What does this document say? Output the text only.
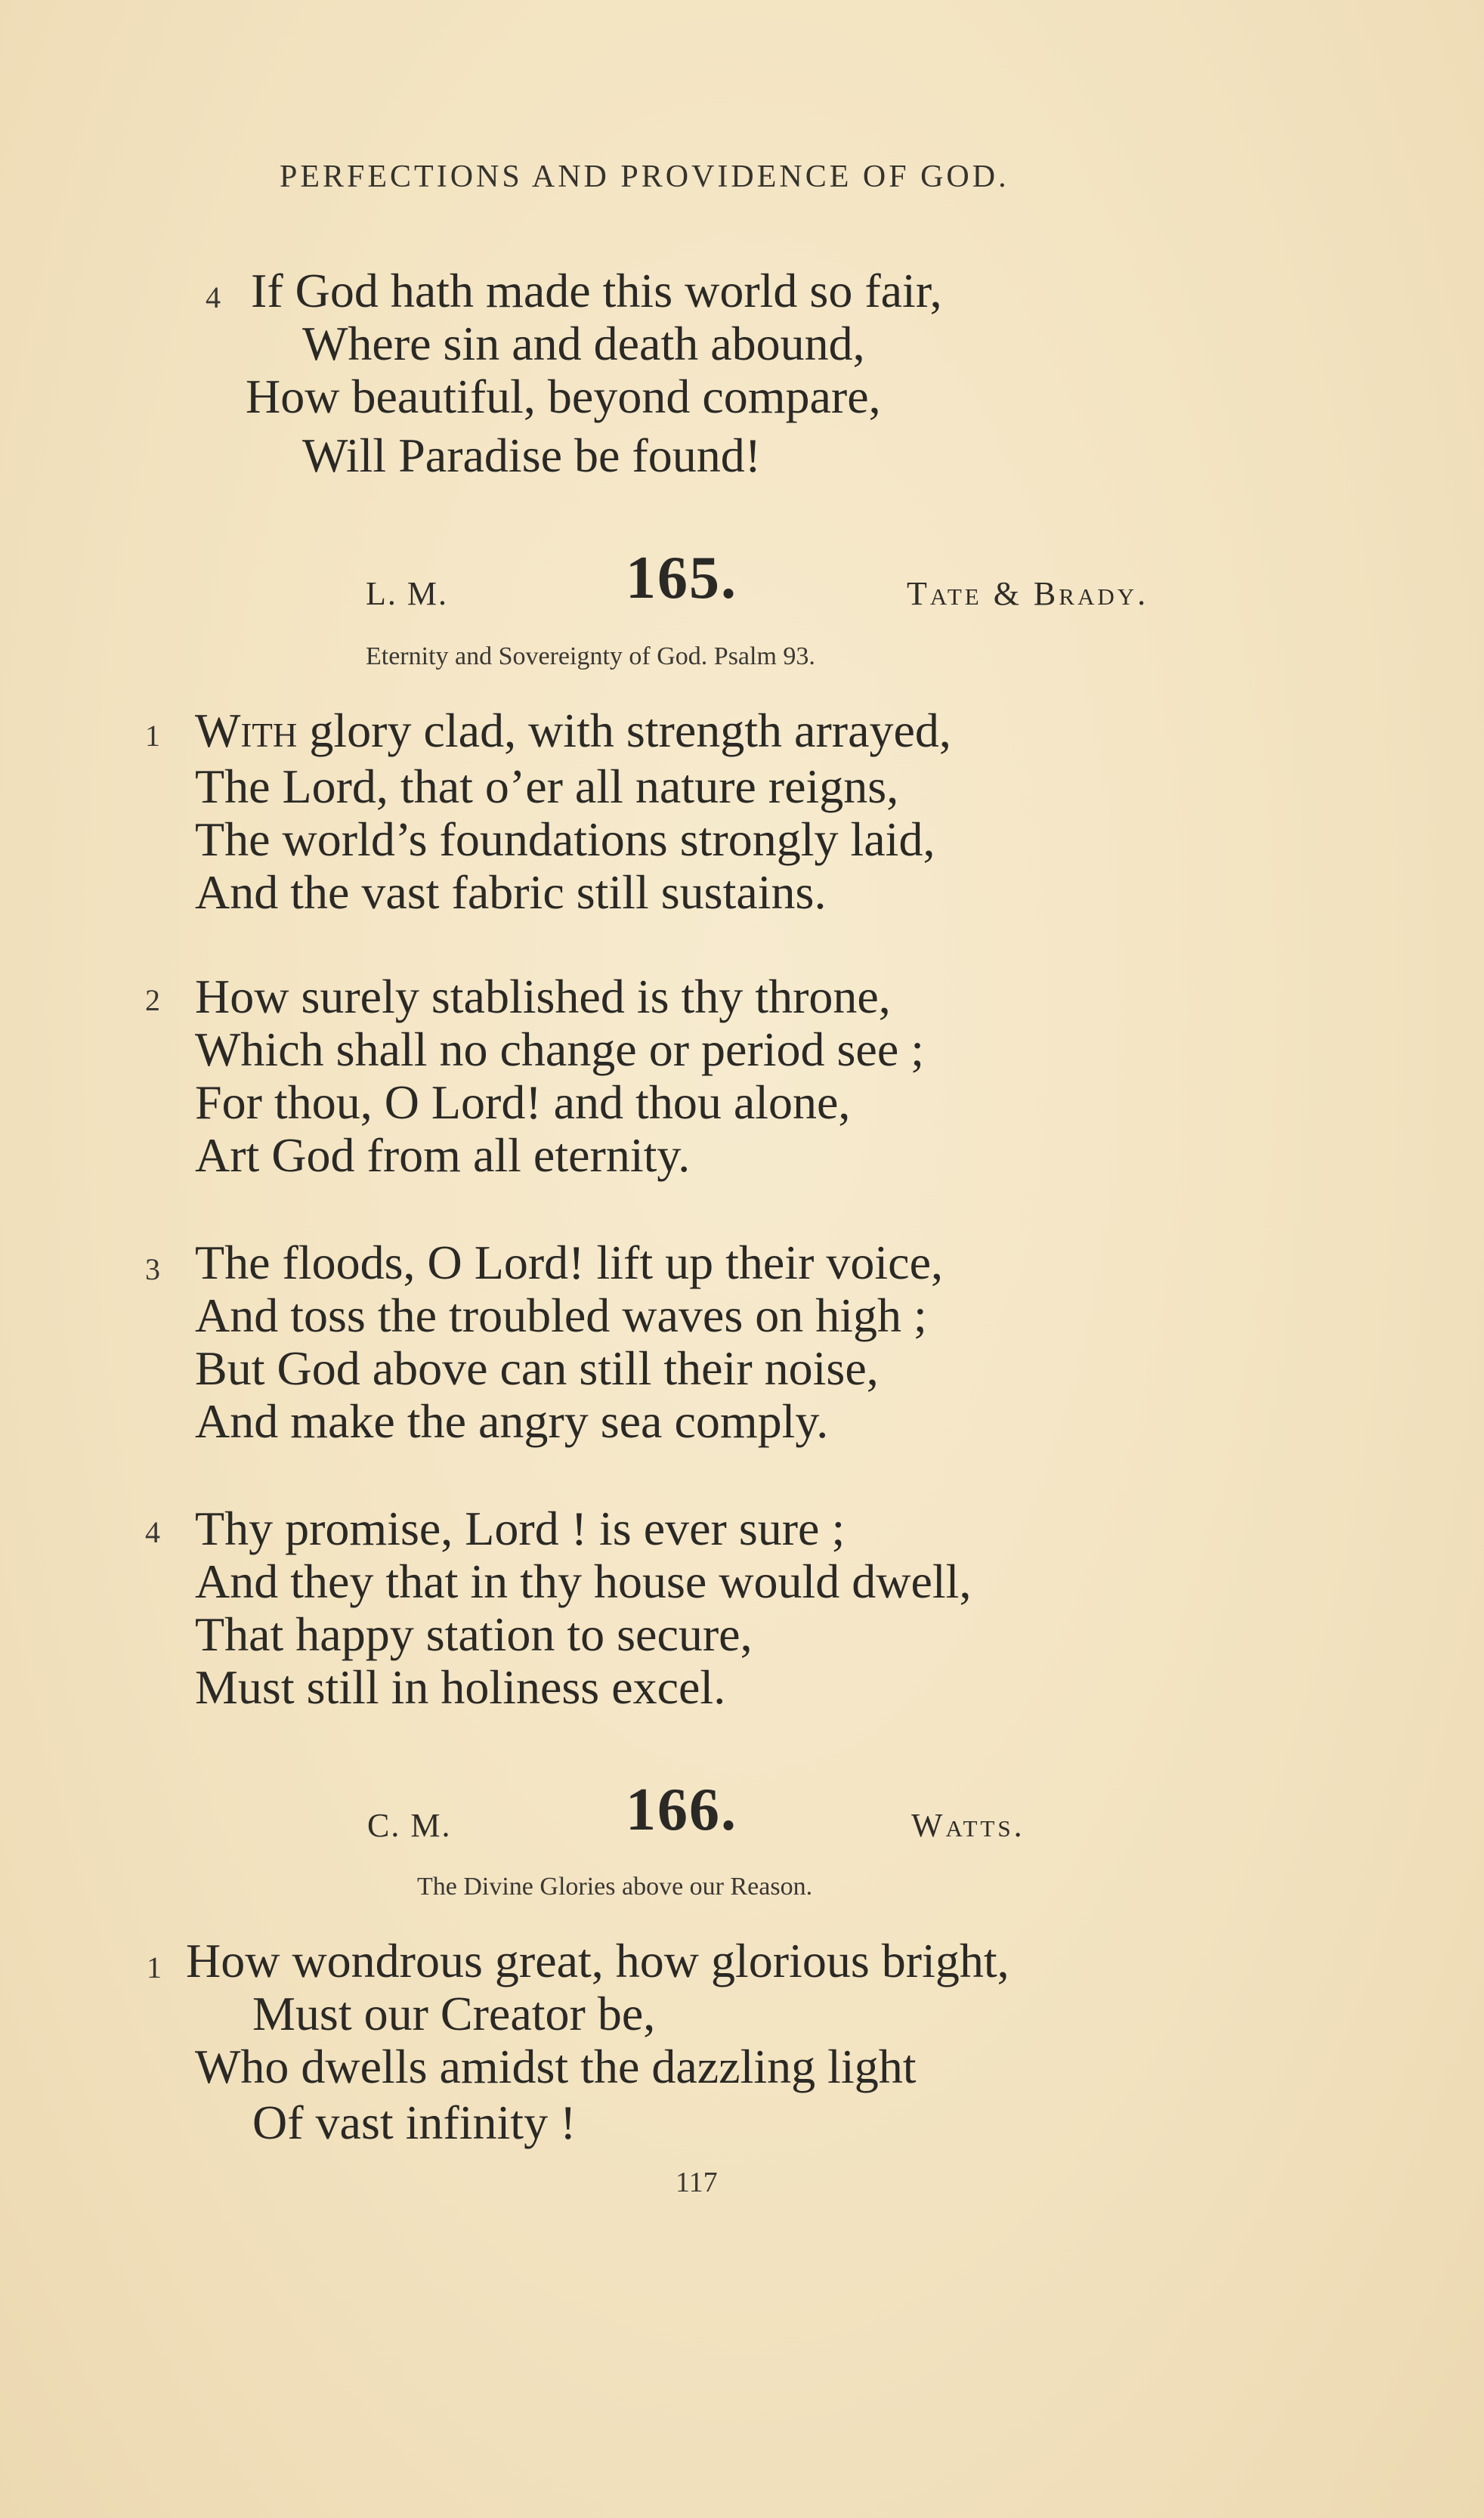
PERFECTIONS AND PROVIDENCE OF GOD.
4 If God hath made this world so fair,
Where sin and death abound,
How beautiful, beyond compare,
Will Paradise be found!
L. M.	165.	Tate & Brady.
Eternity and Sovereignty of God. Psalm 93.
1 With glory clad, with strength arrayed,
The Lord, that o’er all nature reigns,
The world’s foundations strongly laid,
And the vast fabric still sustains.
2 How surely stablished is thy throne,
Which shall no change or period see ;
For thou, O Lord! and thou alone,
Art God from all eternity.
3 The floods, O Lord! lift up their voice,
And toss the troubled waves on high ;
But God above can still their noise,
And make the angry sea comply.
4 Thy promise, Lord ! is ever sure ;
And they that in thy house would dwell,
That happy station to secure,
Must still in holiness excel.
C. M.	166.	Watts.
The Divine Glories above our Reason.
1 How wondrous great, how glorious bright,
Must our Creator be,
Who dwells amidst the dazzling light
Of vast infinity !
117
